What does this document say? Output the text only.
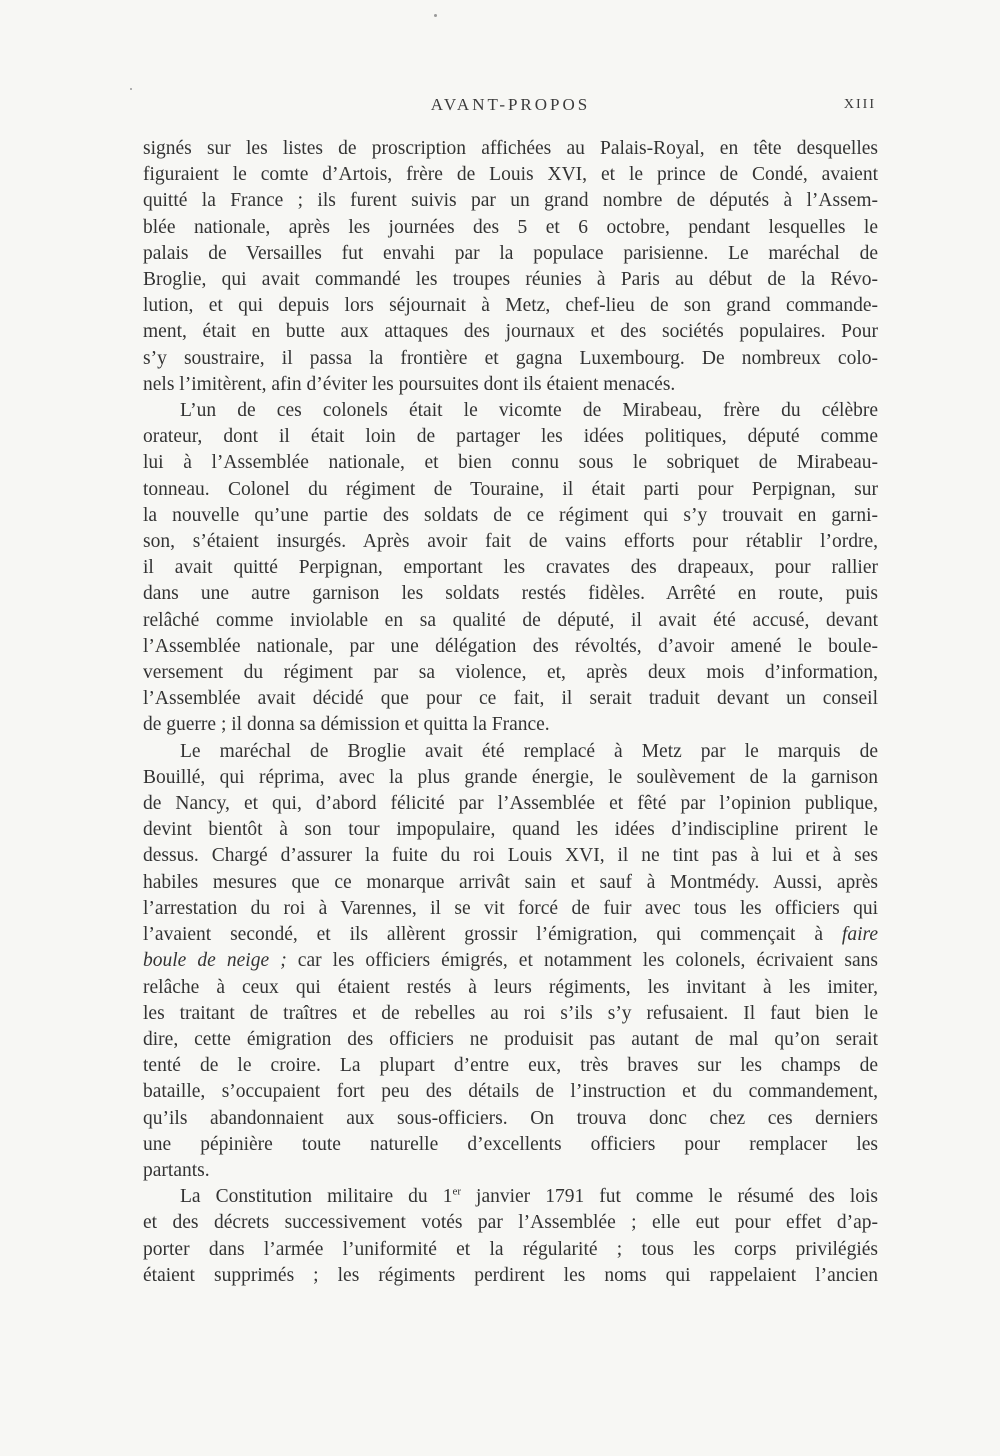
AVANT-PROPOS	XIII

signés sur les listes de proscription affichées au Palais-Royal, en tête desquelles
figuraient le comte d’Artois, frère de Louis XVI, et le prince de Condé, avaient
quitté la France ; ils furent suivis par un grand nombre de députés à l’Assem-
blée nationale, après les journées des 5 et 6 octobre, pendant lesquelles le
palais de Versailles fut envahi par la populace parisienne. Le maréchal de
Broglie, qui avait commandé les troupes réunies à Paris au début de la Révo-
lution, et qui depuis lors séjournait à Metz, chef-lieu de son grand commande-
ment, était en butte aux attaques des journaux et des sociétés populaires. Pour
s’y soustraire, il passa la frontière et gagna Luxembourg. De nombreux colo-
nels l’imitèrent, afin d’éviter les poursuites dont ils étaient menacés.

L’un de ces colonels était le vicomte de Mirabeau, frère du célèbre
orateur, dont il était loin de partager les idées politiques, député comme
lui à l’Assemblée nationale, et bien connu sous le sobriquet de Mirabeau-
tonneau. Colonel du régiment de Touraine, il était parti pour Perpignan, sur
la nouvelle qu’une partie des soldats de ce régiment qui s’y trouvait en garni-
son, s’étaient insurgés. Après avoir fait de vains efforts pour rétablir l’ordre,
il avait quitté Perpignan, emportant les cravates des drapeaux, pour rallier
dans une autre garnison les soldats restés fidèles. Arrêté en route, puis
relâché comme inviolable en sa qualité de député, il avait été accusé, devant
l’Assemblée nationale, par une délégation des révoltés, d’avoir amené le boule-
versement du régiment par sa violence, et, après deux mois d’information,
l’Assemblée avait décidé que pour ce fait, il serait traduit devant un conseil
de guerre ; il donna sa démission et quitta la France.

Le maréchal de Broglie avait été remplacé à Metz par le marquis de
Bouillé, qui réprima, avec la plus grande énergie, le soulèvement de la garnison
de Nancy, et qui, d’abord félicité par l’Assemblée et fêté par l’opinion publique,
devint bientôt à son tour impopulaire, quand les idées d’indiscipline prirent le
dessus. Chargé d’assurer la fuite du roi Louis XVI, il ne tint pas à lui et à ses
habiles mesures que ce monarque arrivât sain et sauf à Montmédy. Aussi, après
l’arrestation du roi à Varennes, il se vit forcé de fuir avec tous les officiers qui
l’avaient secondé, et ils allèrent grossir l’émigration, qui commençait à faire
boule de neige ; car les officiers émigrés, et notamment les colonels, écrivaient sans
relâche à ceux qui étaient restés à leurs régiments, les invitant à les imiter,
les traitant de traîtres et de rebelles au roi s’ils s’y refusaient. Il faut bien le
dire, cette émigration des officiers ne produisit pas autant de mal qu’on serait
tenté de le croire. La plupart d’entre eux, très braves sur les champs de
bataille, s’occupaient fort peu des détails de l’instruction et du commandement,
qu’ils abandonnaient aux sous-officiers. On trouva donc chez ces derniers
une pépinière toute naturelle d’excellents officiers pour remplacer les
partants.

La Constitution militaire du 1er janvier 1791 fut comme le résumé des lois
et des décrets successivement votés par l’Assemblée ; elle eut pour effet d’ap-
porter dans l’armée l’uniformité et la régularité ; tous les corps privilégiés
étaient supprimés ; les régiments perdirent les noms qui rappelaient l’ancien
